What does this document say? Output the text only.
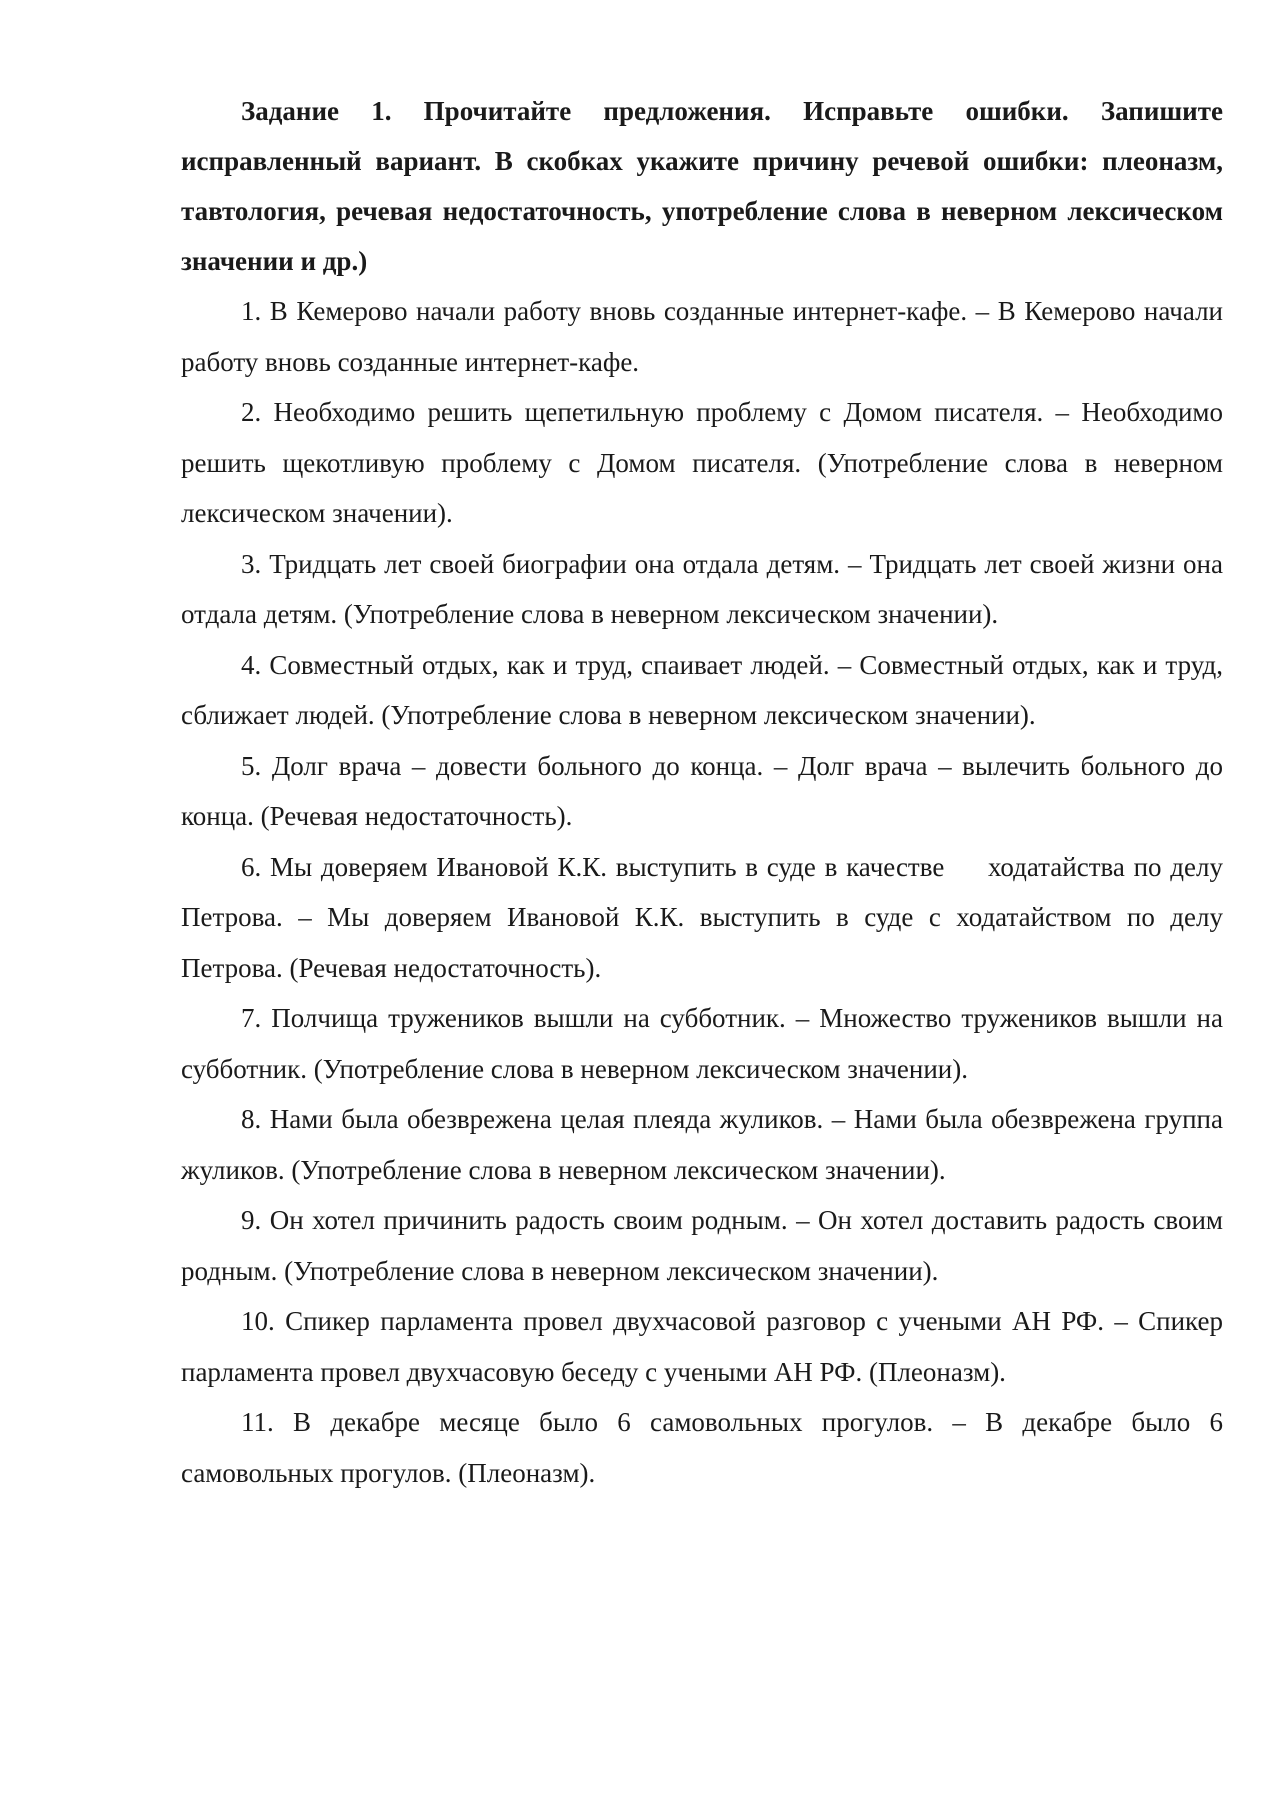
Задание 1. Прочитайте предложения. Исправьте ошибки. Запишите исправленный вариант. В скобках укажите причину речевой ошибки: плеоназм, тавтология, речевая недостаточность, употребление слова в неверном лексическом значении и др.)

1. В Кемерово начали работу вновь созданные интернет-кафе. – В Кемерово начали работу вновь созданные интернет-кафе.

2. Необходимо решить щепетильную проблему с Домом писателя. – Необходимо решить щекотливую проблему с Домом писателя. (Употребление слова в неверном лексическом значении).

3. Тридцать лет своей биографии она отдала детям. – Тридцать лет своей жизни она отдала детям. (Употребление слова в неверном лексическом значении).

4. Совместный отдых, как и труд, спаивает людей. – Совместный отдых, как и труд, сближает людей. (Употребление слова в неверном лексическом значении).

5. Долг врача – довести больного до конца. – Долг врача – вылечить больного до конца. (Речевая недостаточность).

6. Мы доверяем Ивановой К.К. выступить в суде в качестве     ходатайства по делу Петрова. – Мы доверяем Ивановой К.К. выступить в суде с ходатайством по делу Петрова. (Речевая недостаточность).

7. Полчища тружеников вышли на субботник. – Множество тружеников вышли на субботник. (Употребление слова в неверном лексическом значении).

8. Нами была обезврежена целая плеяда жуликов. – Нами была обезврежена группа жуликов. (Употребление слова в неверном лексическом значении).

9. Он хотел причинить радость своим родным. – Он хотел доставить радость своим родным. (Употребление слова в неверном лексическом значении).

10. Спикер парламента провел двухчасовой разговор с учеными АН РФ. – Спикер парламента провел двухчасовую беседу с учеными АН РФ. (Плеоназм).

11. В декабре месяце было 6 самовольных прогулов. – В декабре было 6 самовольных прогулов. (Плеоназм).
